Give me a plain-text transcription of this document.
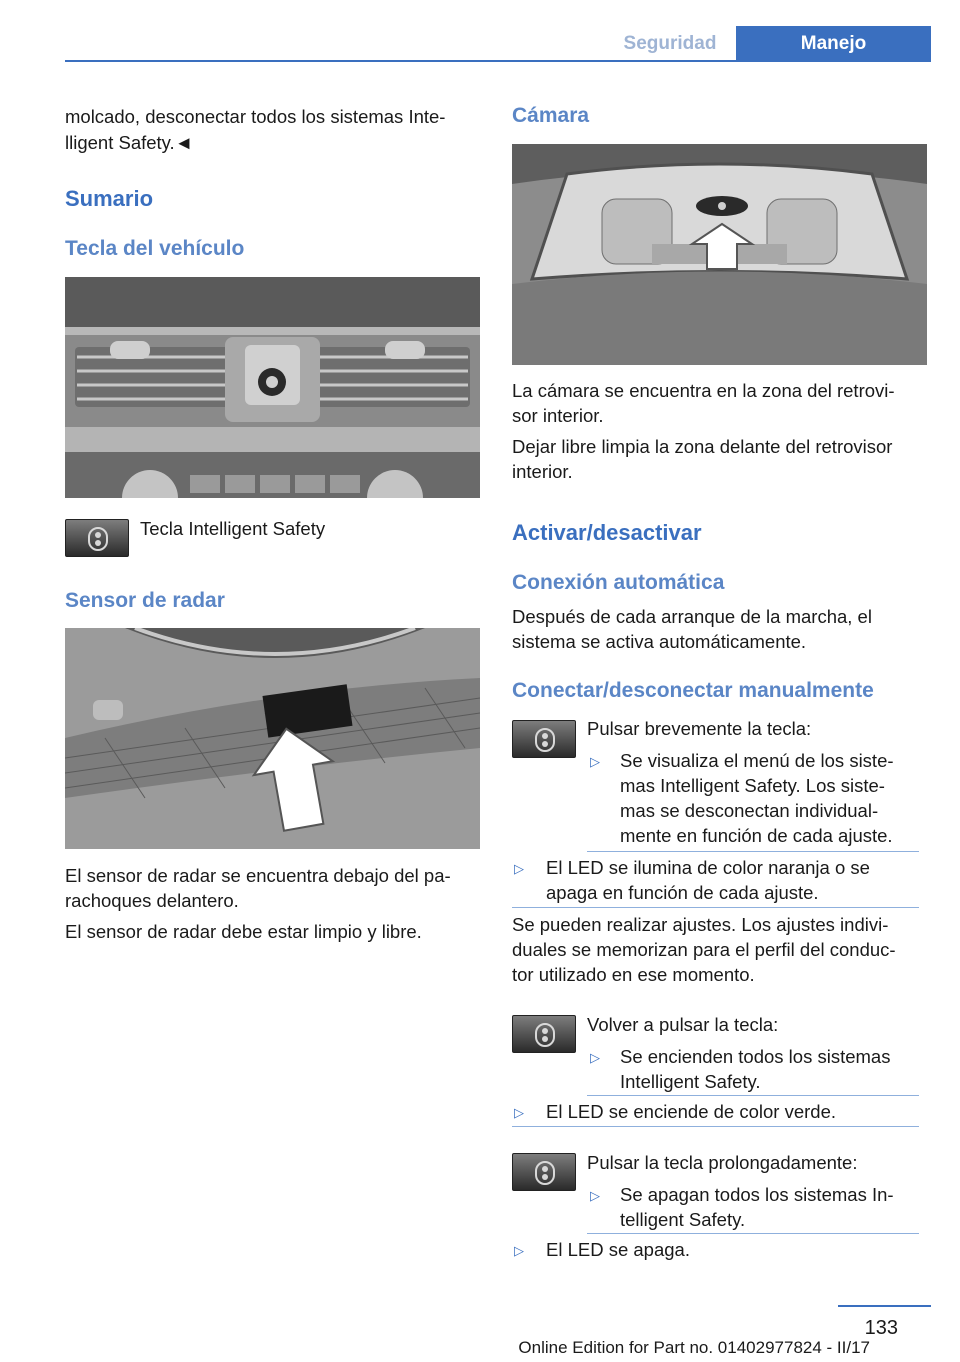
Seguridad	Manejo
molcado, desconectar todos los sistemas Inte‐
lligent Safety.◄
Sumario
Tecla del vehículo
Tecla Intelligent Safety
Sensor de radar
El sensor de radar se encuentra debajo del pa‐
rachoques delantero.
El sensor de radar debe estar limpio y libre.
Cámara
La cámara se encuentra en la zona del retrovi‐
sor interior.
Dejar libre limpia la zona delante del retrovisor
interior.
Activar/desactivar
Conexión automática
Después de cada arranque de la marcha, el
sistema se activa automáticamente.
Conectar/desconectar manualmente
Pulsar brevemente la tecla:
▷ Se visualiza el menú de los siste‐
mas Intelligent Safety. Los siste‐
mas se desconectan individual‐
mente en función de cada ajuste.
▷ El LED se ilumina de color naranja o se
apaga en función de cada ajuste.
Se pueden realizar ajustes. Los ajustes indivi‐
duales se memorizan para el perfil del conduc‐
tor utilizado en ese momento.
Volver a pulsar la tecla:
▷ Se encienden todos los sistemas
Intelligent Safety.
▷ El LED se enciende de color verde.
Pulsar la tecla prolongadamente:
▷ Se apagan todos los sistemas In‐
telligent Safety.
▷ El LED se apaga.
133
Online Edition for Part no. 01402977824 - II/17
